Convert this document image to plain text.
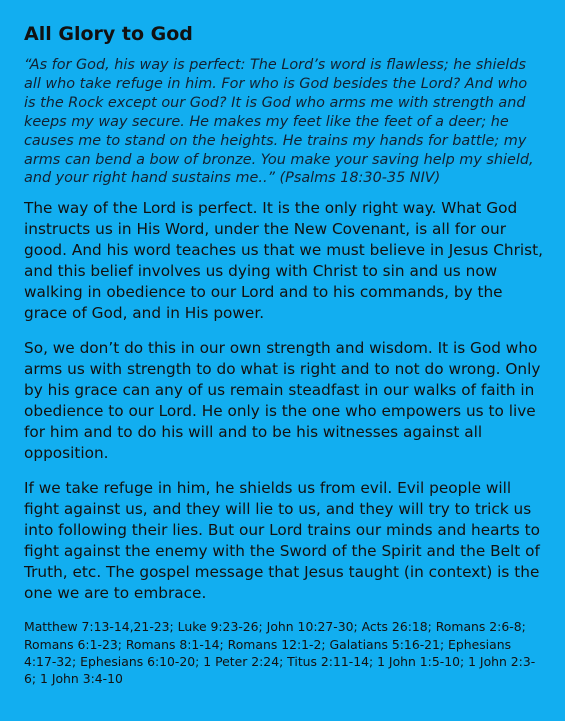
All Glory to God

“As for God, his way is perfect: The Lord’s word is flawless; he shields all who take refuge in him. For who is God besides the Lord? And who is the Rock except our God? It is God who arms me with strength and keeps my way secure. He makes my feet like the feet of a deer; he causes me to stand on the heights. He trains my hands for battle; my arms can bend a bow of bronze. You make your saving help my shield, and your right hand sustains me..” (Psalms 18:30-35 NIV)

The way of the Lord is perfect. It is the only right way. What God instructs us in His Word, under the New Covenant, is all for our good. And his word teaches us that we must believe in Jesus Christ, and this belief involves us dying with Christ to sin and us now walking in obedience to our Lord and to his commands, by the grace of God, and in His power.

So, we don’t do this in our own strength and wisdom. It is God who arms us with strength to do what is right and to not do wrong. Only by his grace can any of us remain steadfast in our walks of faith in obedience to our Lord. He only is the one who empowers us to live for him and to do his will and to be his witnesses against all opposition.

If we take refuge in him, he shields us from evil. Evil people will fight against us, and they will lie to us, and they will try to trick us into following their lies. But our Lord trains our minds and hearts to fight against the enemy with the Sword of the Spirit and the Belt of Truth, etc. The gospel message that Jesus taught (in context) is the one we are to embrace.

Matthew 7:13-14,21-23; Luke 9:23-26; John 10:27-30; Acts 26:18; Romans 2:6-8; Romans 6:1-23; Romans 8:1-14; Romans 12:1-2; Galatians 5:16-21; Ephesians 4:17-32; Ephesians 6:10-20; 1 Peter 2:24; Titus 2:11-14; 1 John 1:5-10; 1 John 2:3-6; 1 John 3:4-10
